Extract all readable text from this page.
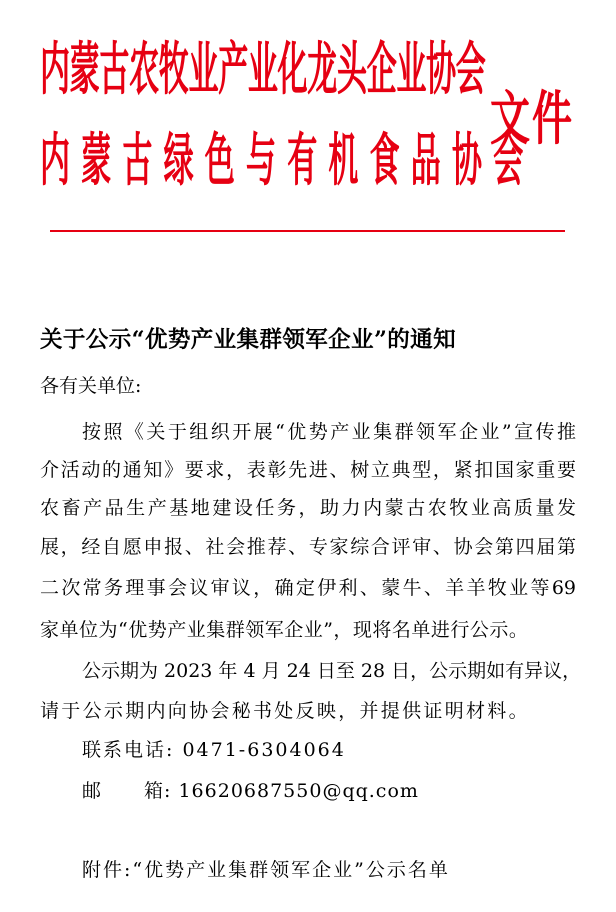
内蒙古农牧业产业化龙头企业协会
内蒙古绿色与有机食品协会
文件
关于公示“优势产业集群领军企业”的通知
各有关单位:
按照《关于组织开展“优势产业集群领军企业”宣传推
介活动的通知》要求，表彰先进、树立典型，紧扣国家重要
农畜产品生产基地建设任务，助力内蒙古农牧业高质量发
展，经自愿申报、社会推荐、专家综合评审、协会第四届第
二次常务理事会议审议，确定伊利、蒙牛、羊羊牧业等69
家单位为“优势产业集群领军企业”，现将名单进行公示。
公示期为 2023 年 4 月 24 日至 28 日，公示期如有异议，
请于公示期内向协会秘书处反映，并提供证明材料。
联系电话: 0471-6304064
邮 箱: 16620687550@qq.com
附件:“优势产业集群领军企业”公示名单
